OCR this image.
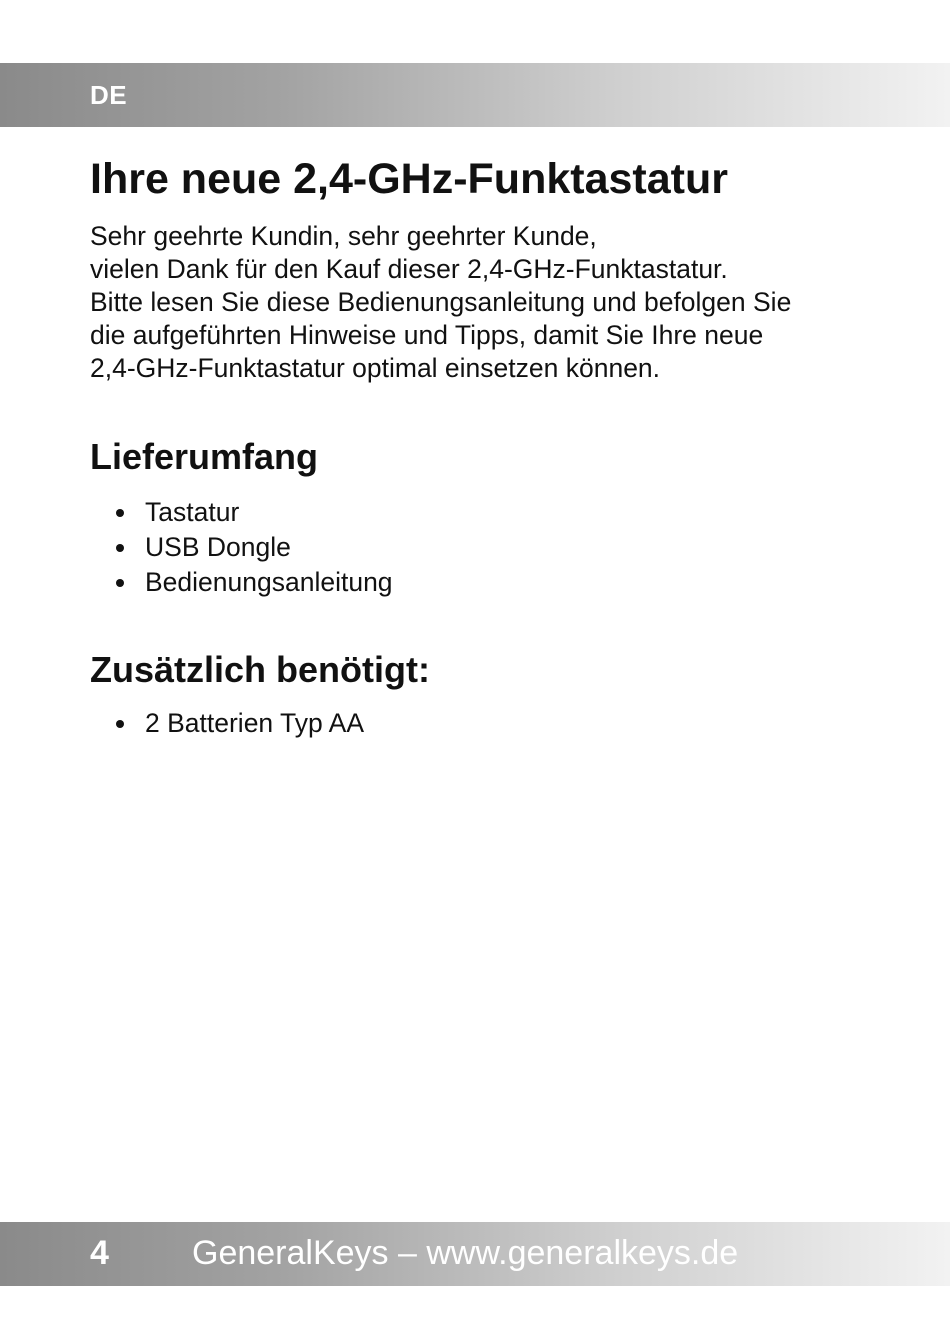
DE
Ihre neue 2,4-GHz-Funktastatur
Sehr geehrte Kundin, sehr geehrter Kunde,
vielen Dank für den Kauf dieser 2,4-GHz-Funktastatur.
Bitte lesen Sie diese Bedienungsanleitung und befolgen Sie
die aufgeführten Hinweise und Tipps, damit Sie Ihre neue
2,4-GHz-Funktastatur optimal einsetzen können.
Lieferumfang
Tastatur
USB Dongle
Bedienungsanleitung
Zusätzlich benötigt:
2 Batterien Typ AA
4 GeneralKeys – www.generalkeys.de
